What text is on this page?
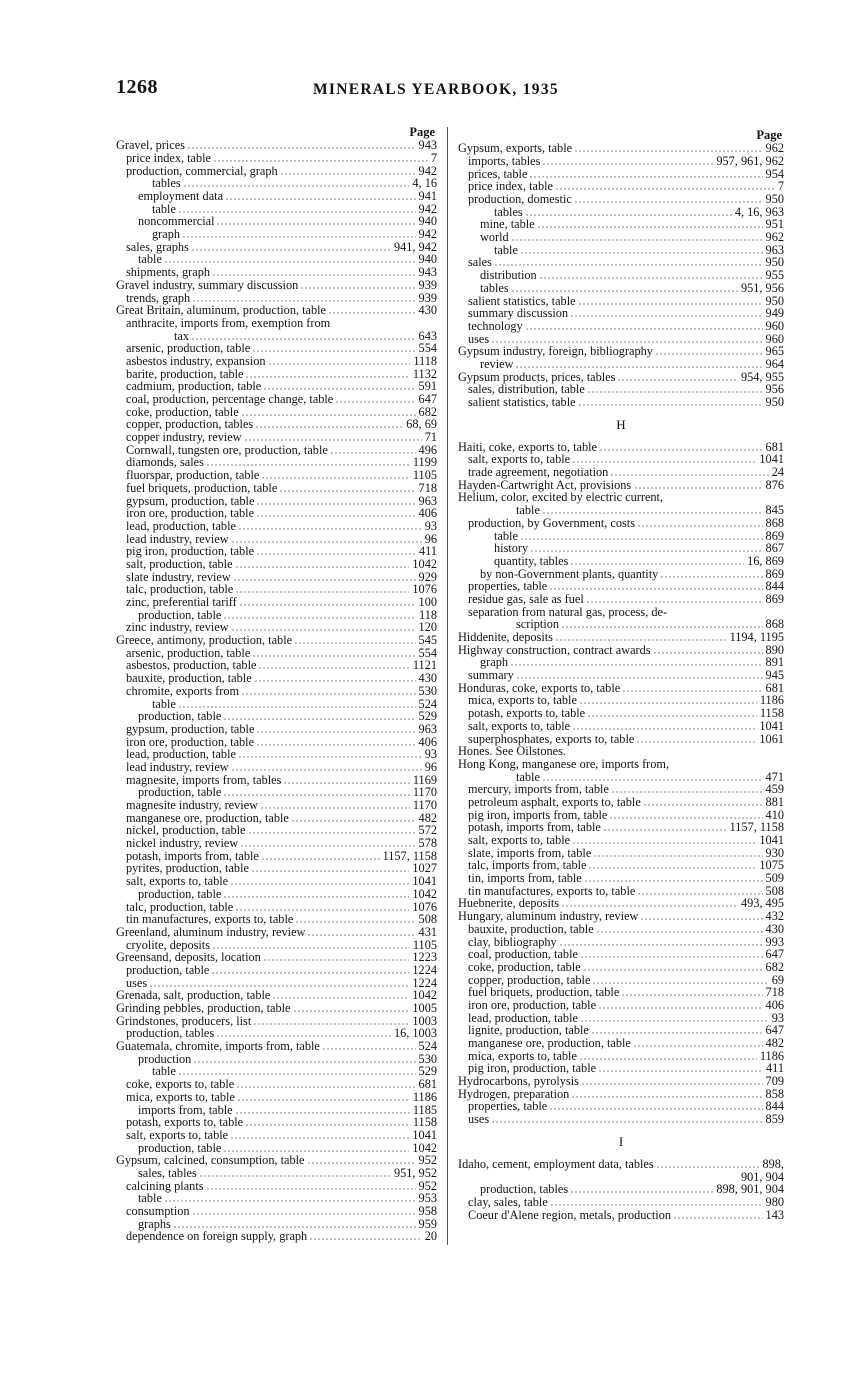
1268	MINERALS YEARBOOK, 1935
Page
Gravel, prices	943
price index, table	7
production, commercial, graph	942
tables	4, 16
employment data	941
table	942
noncommercial	940
graph	942
sales, graphs	941, 942
table	940
shipments, graph	943
Gravel industry, summary discussion	939
trends, graph	939
Great Britain, aluminum, production, table	430
anthracite, imports from, exemption from
tax	643
arsenic, production, table	554
asbestos industry, expansion	1118
barite, production, table	1132
cadmium, production, table	591
coal, production, percentage change, table	647
coke, production, table	682
copper, production, tables	68, 69
copper industry, review	71
Cornwall, tungsten ore, production, table	496
diamonds, sales	1199
fluorspar, production, table	1105
fuel briquets, production, table	718
gypsum, production, table	963
iron ore, production, table	406
lead, production, table	93
lead industry, review	96
pig iron, production, table	411
salt, production, table	1042
slate industry, review	929
talc, production, table	1076
zinc, preferential tariff	100
production, table	118
zinc industry, review	120
Greece, antimony, production, table	545
arsenic, production, table	554
asbestos, production, table	1121
bauxite, production, table	430
chromite, exports from	530
table	524
production, table	529
gypsum, production, table	963
iron ore, production, table	406
lead, production, table	93
lead industry, review	96
magnesite, imports from, tables	1169
production, table	1170
magnesite industry, review	1170
manganese ore, production, table	482
nickel, production, table	572
nickel industry, review	578
potash, imports from, table	1157, 1158
pyrites, production, table	1027
salt, exports to, table	1041
production, table	1042
talc, production, table	1076
tin manufactures, exports to, table	508
Greenland, aluminum industry, review	431
cryolite, deposits	1105
Greensand, deposits, location	1223
production, table	1224
uses	1224
Grenada, salt, production, table	1042
Grinding pebbles, production, table	1005
Grindstones, producers, list	1003
production, tables	16, 1003
Guatemala, chromite, imports from, table	524
production	530
table	529
coke, exports to, table	681
mica, exports to, table	1186
imports from, table	1185
potash, exports to, table	1158
salt, exports to, table	1041
production, table	1042
Gypsum, calcined, consumption, table	952
sales, tables	951, 952
calcining plants	952
table	953
consumption	958
graphs	959
dependence on foreign supply, graph	20
Page
Gypsum, exports, table	962
imports, tables	957, 961, 962
prices, table	954
price index, table	7
production, domestic	950
tables	4, 16, 963
mine, table	951
world	962
table	963
sales	950
distribution	955
tables	951, 956
salient statistics, table	950
summary discussion	949
technology	960
uses	960
Gypsum industry, foreign, bibliography	965
review	964
Gypsum products, prices, tables	954, 955
sales, distribution, table	956
salient statistics, table	950
H
Haiti, coke, exports to, table	681
salt, exports to, table	1041
trade agreement, negotiation	24
Hayden-Cartwright Act, provisions	876
Helium, color, excited by electric current,
table	845
production, by Government, costs	868
table	869
history	867
quantity, tables	16, 869
by non-Government plants, quantity	869
properties, table	844
residue gas, sale as fuel	869
separation from natural gas, process, de-
scription	868
Hiddenite, deposits	1194, 1195
Highway construction, contract awards	890
graph	891
summary	945
Honduras, coke, exports to, table	681
mica, exports to, table	1186
potash, exports to, table	1158
salt, exports to, table	1041
superphosphates, exports to, table	1061
Hones. See Oilstones.
Hong Kong, manganese ore, imports from,
table	471
mercury, imports from, table	459
petroleum asphalt, exports to, table	881
pig iron, imports from, table	410
potash, imports from, table	1157, 1158
salt, exports to, table	1041
slate, imports from, table	930
talc, imports from, table	1075
tin, imports from, table	509
tin manufactures, exports to, table	508
Huebnerite, deposits	493, 495
Hungary, aluminum industry, review	432
bauxite, production, table	430
clay, bibliography	993
coal, production, table	647
coke, production, table	682
copper, production, table	69
fuel briquets, production, table	718
iron ore, production, table	406
lead, production, table	93
lignite, production, table	647
manganese ore, production, table	482
mica, exports to, table	1186
pig iron, production, table	411
Hydrocarbons, pyrolysis	709
Hydrogen, preparation	858
properties, table	844
uses	859
I
Idaho, cement, employment data, tables	898,
901, 904
production, tables	898, 901, 904
clay, sales, table	980
Coeur d'Alene region, metals, production	143
